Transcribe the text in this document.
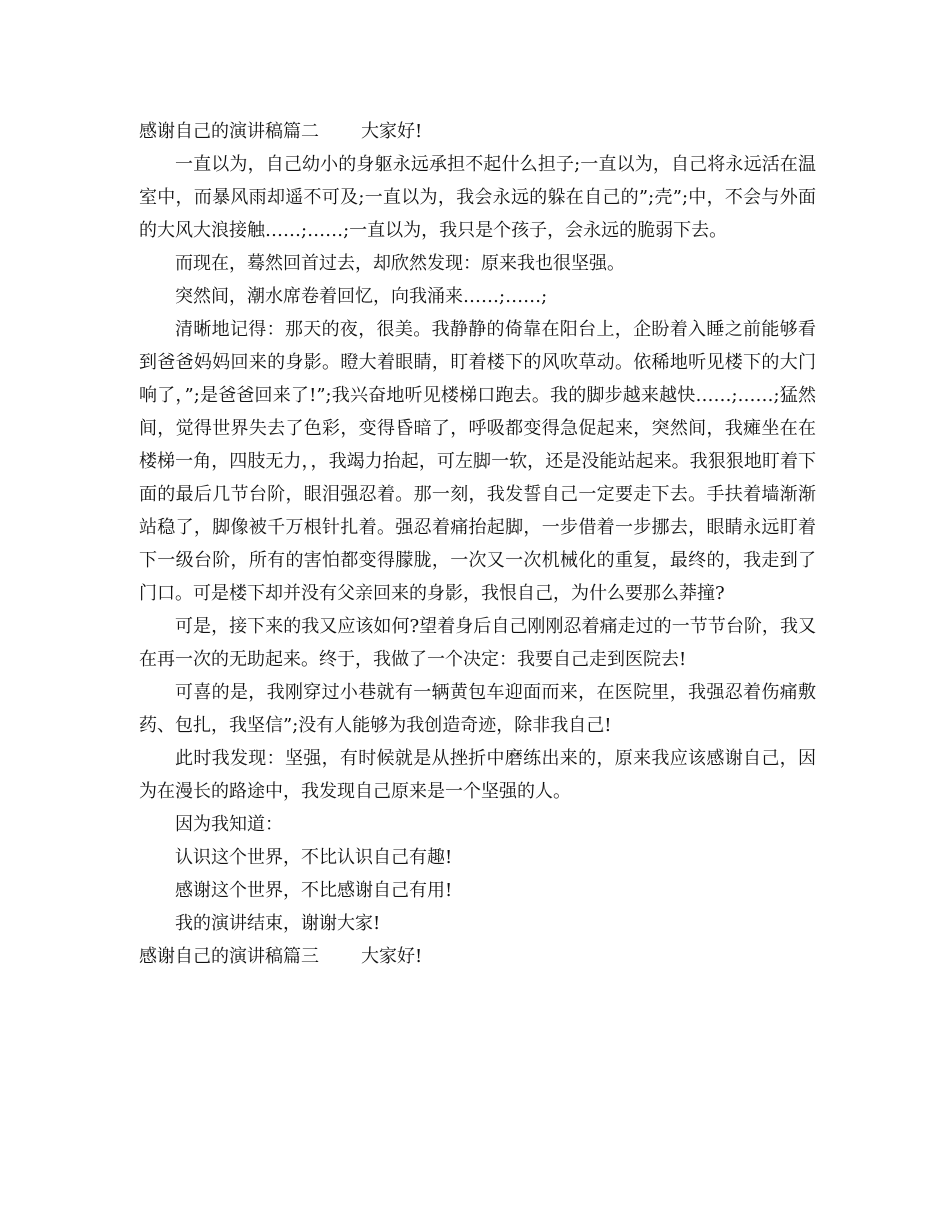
感谢自己的演讲稿篇二 大家好!

一直以为，自己幼小的身躯永远承担不起什么担子;一直以为，自己将永远活在温室中，而暴风雨却遥不可及;一直以为，我会永远的躲在自己的”;壳”;中，不会与外面的大风大浪接触……;……;一直以为，我只是个孩子，会永远的脆弱下去。

而现在，蓦然回首过去，却欣然发现：原来我也很坚强。

突然间，潮水席卷着回忆，向我涌来……;……;

清晰地记得：那天的夜，很美。我静静的倚靠在阳台上，企盼着入睡之前能够看到爸爸妈妈回来的身影。瞪大着眼睛，盯着楼下的风吹草动。依稀地听见楼下的大门响了，”;是爸爸回来了!”;我兴奋地听见楼梯口跑去。我的脚步越来越快……;……;猛然间，觉得世界失去了色彩，变得昏暗了，呼吸都变得急促起来，突然间，我瘫坐在在楼梯一角，四肢无力，，我竭力抬起，可左脚一软，还是没能站起来。我狠狠地盯着下面的最后几节台阶，眼泪强忍着。那一刻，我发誓自己一定要走下去。手扶着墙渐渐站稳了，脚像被千万根针扎着。强忍着痛抬起脚，一步借着一步挪去，眼睛永远盯着下一级台阶，所有的害怕都变得朦胧，一次又一次机械化的重复，最终的，我走到了门口。可是楼下却并没有父亲回来的身影，我恨自己，为什么要那么莽撞?

可是，接下来的我又应该如何?望着身后自己刚刚忍着痛走过的一节节台阶，我又在再一次的无助起来。终于，我做了一个决定：我要自己走到医院去!

可喜的是，我刚穿过小巷就有一辆黄包车迎面而来，在医院里，我强忍着伤痛敷药、包扎，我坚信”;没有人能够为我创造奇迹，除非我自己!

此时我发现：坚强，有时候就是从挫折中磨练出来的，原来我应该感谢自己，因为在漫长的路途中，我发现自己原来是一个坚强的人。

因为我知道：

认识这个世界，不比认识自己有趣!

感谢这个世界，不比感谢自己有用!

我的演讲结束，谢谢大家!

感谢自己的演讲稿篇三 大家好!
